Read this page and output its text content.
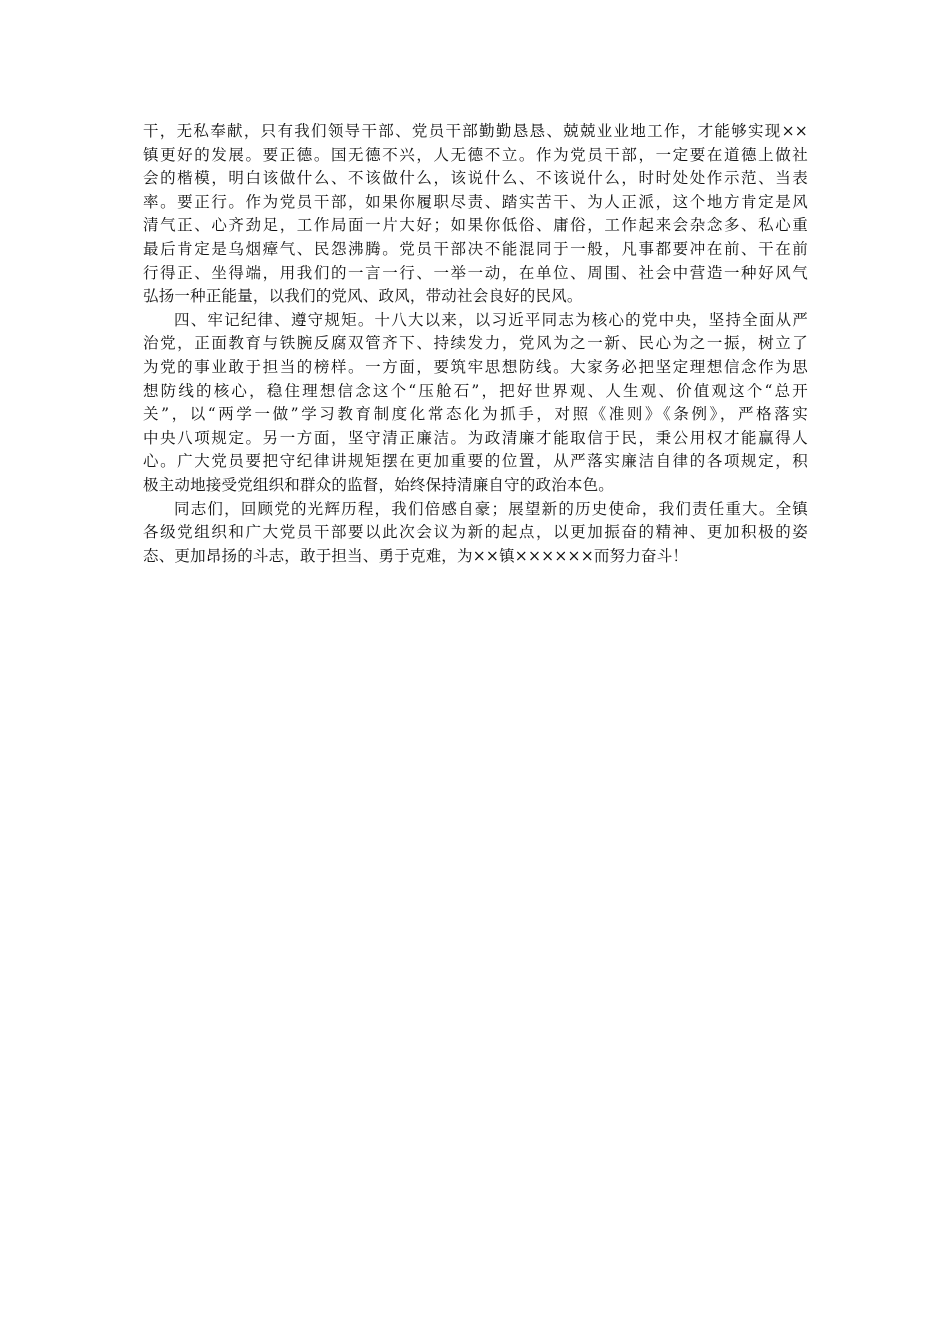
干，无私奉献，只有我们领导干部、党员干部勤勤恳恳、兢兢业业地工作，才能够实现××
镇更好的发展。要正德。国无德不兴，人无德不立。作为党员干部，一定要在道德上做社
会的楷模，明白该做什么、不该做什么，该说什么、不该说什么，时时处处作示范、当表
率。要正行。作为党员干部，如果你履职尽责、踏实苦干、为人正派，这个地方肯定是风
清气正、心齐劲足，工作局面一片大好；如果你低俗、庸俗，工作起来会杂念多、私心重
最后肯定是乌烟瘴气、民怨沸腾。党员干部决不能混同于一般，凡事都要冲在前、干在前
行得正、坐得端，用我们的一言一行、一举一动，在单位、周围、社会中营造一种好风气
弘扬一种正能量，以我们的党风、政风，带动社会良好的民风。
四、牢记纪律、遵守规矩。十八大以来，以习近平同志为核心的党中央，坚持全面从严
治党，正面教育与铁腕反腐双管齐下、持续发力，党风为之一新、民心为之一振，树立了
为党的事业敢于担当的榜样。一方面，要筑牢思想防线。大家务必把坚定理想信念作为思
想防线的核心，稳住理想信念这个“压舱石”，把好世界观、人生观、价值观这个“总开
关”，以“两学一做”学习教育制度化常态化为抓手，对照《准则》《条例》，严格落实
中央八项规定。另一方面，坚守清正廉洁。为政清廉才能取信于民，秉公用权才能赢得人
心。广大党员要把守纪律讲规矩摆在更加重要的位置，从严落实廉洁自律的各项规定，积
极主动地接受党组织和群众的监督，始终保持清廉自守的政治本色。
同志们，回顾党的光辉历程，我们倍感自豪；展望新的历史使命，我们责任重大。全镇
各级党组织和广大党员干部要以此次会议为新的起点，以更加振奋的精神、更加积极的姿
态、更加昂扬的斗志，敢于担当、勇于克难，为××镇××××××而努力奋斗！
